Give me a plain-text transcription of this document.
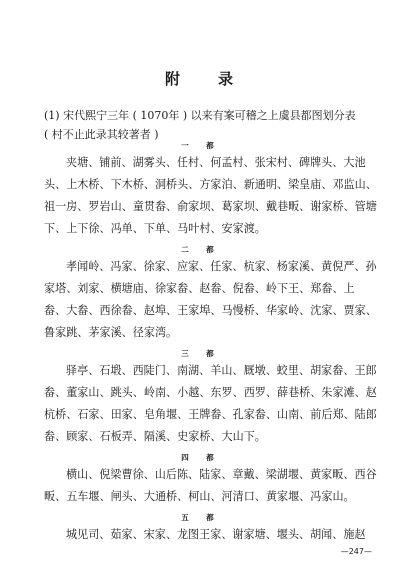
附 录
(1) 宋代熙宁三年 ( 1070年 ) 以来有案可稽之上虞县都图划分表
( 村不止此录其较著者 )
一　都
夹塘、铺前、湖雾头、任村、何孟村、张宋村、碑牌头、大池
头、上木桥、下木桥、洞桥头、方家泊、新通明、梁皇庙、邓监山、
祖一房、罗岩山、童贯畚、俞家坝、葛家坝、戴巷畈、谢家桥、管塘
下、上下徐、冯单、下单、马叶村、安家渡。
二　都
孝闻岭、冯家、徐家、应家、任家、杭家、杨家溪、黄倪严、孙
家塔、刘家、横塘庙、徐家畚、赵畚、倪畚、岭下王、郑畚、上
畚、大畚、西徐畚、赵埠、王家埠、马慢桥、华家岭、沈家、贾家、
鲁家跳、茅家溪、径家湾。
三　都
驿亭、石塅、西陡门、南湖、羊山、厩墩、蛟里、胡家畚、王郎
畚、董家山、跳头、岭南、小越、东罗、西罗、薛巷桥、朱家滩、赵
杭桥、石家、田家、皂角堰、王牌畚、孔家畚、山南、前后郑、陆郎
畚、顾家、石板弄、隔溪、史家桥、大山下。
四　都
横山、倪梁曹徐、山后陈、陆家、章戴、梁湖堰、黄家畈、西谷
畈、五车堰、闸头、大通桥、柯山、河清口、黄家堰、冯家山。
五　都
城见司、茹家、宋家、龙图王家、谢家塘、堰头、胡闻、施赵
—247—
